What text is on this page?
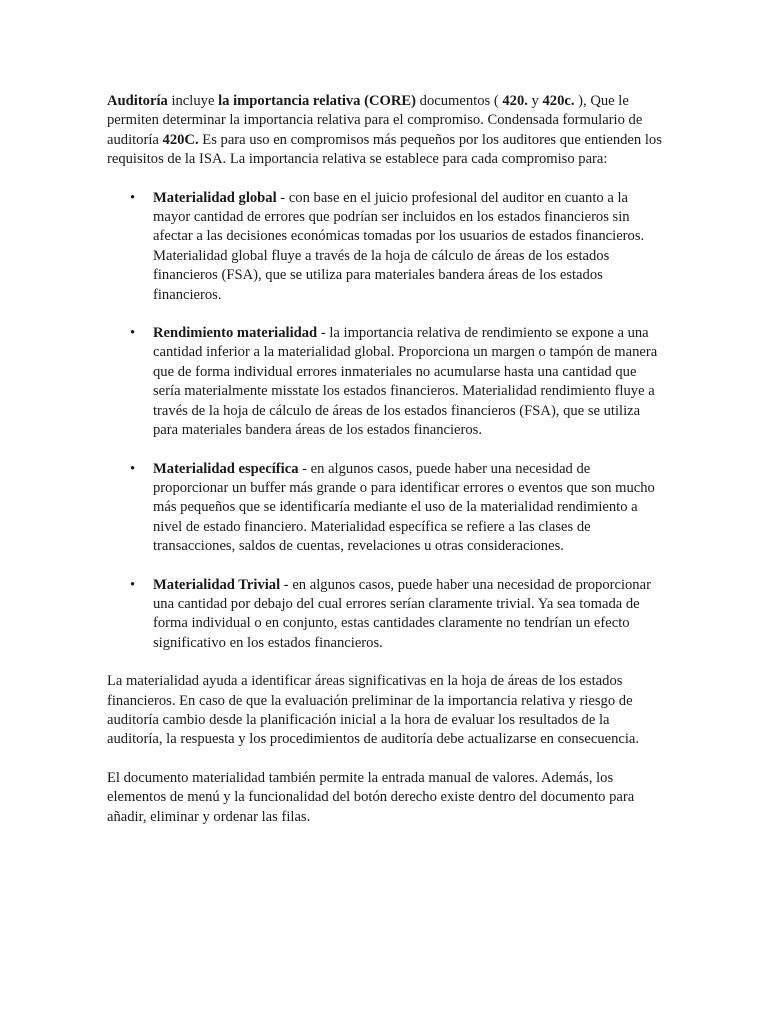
Auditoría incluye la importancia relativa (CORE) documentos ( 420. y 420c. ), Que le permiten determinar la importancia relativa para el compromiso. Condensada formulario de auditoría 420C. Es para uso en compromisos más pequeños por los auditores que entienden los requisitos de la ISA. La importancia relativa se establece para cada compromiso para:

• Materialidad global - con base en el juicio profesional del auditor en cuanto a la mayor cantidad de errores que podrían ser incluidos en los estados financieros sin afectar a las decisiones económicas tomadas por los usuarios de estados financieros. Materialidad global fluye a través de la hoja de cálculo de áreas de los estados financieros (FSA), que se utiliza para materiales bandera áreas de los estados financieros.
• Rendimiento materialidad - la importancia relativa de rendimiento se expone a una cantidad inferior a la materialidad global. Proporciona un margen o tampón de manera que de forma individual errores inmateriales no acumularse hasta una cantidad que sería materialmente misstate los estados financieros. Materialidad rendimiento fluye a través de la hoja de cálculo de áreas de los estados financieros (FSA), que se utiliza para materiales bandera áreas de los estados financieros.
• Materialidad específica - en algunos casos, puede haber una necesidad de proporcionar un buffer más grande o para identificar errores o eventos que son mucho más pequeños que se identificaría mediante el uso de la materialidad rendimiento a nivel de estado financiero. Materialidad específica se refiere a las clases de transacciones, saldos de cuentas, revelaciones u otras consideraciones.
• Materialidad Trivial - en algunos casos, puede haber una necesidad de proporcionar una cantidad por debajo del cual errores serían claramente trivial. Ya sea tomada de forma individual o en conjunto, estas cantidades claramente no tendrían un efecto significativo en los estados financieros.

La materialidad ayuda a identificar áreas significativas en la hoja de áreas de los estados financieros. En caso de que la evaluación preliminar de la importancia relativa y riesgo de auditoría cambio desde la planificación inicial a la hora de evaluar los resultados de la auditoría, la respuesta y los procedimientos de auditoría debe actualizarse en consecuencia.

El documento materialidad también permite la entrada manual de valores. Además, los elementos de menú y la funcionalidad del botón derecho existe dentro del documento para añadir, eliminar y ordenar las filas.
